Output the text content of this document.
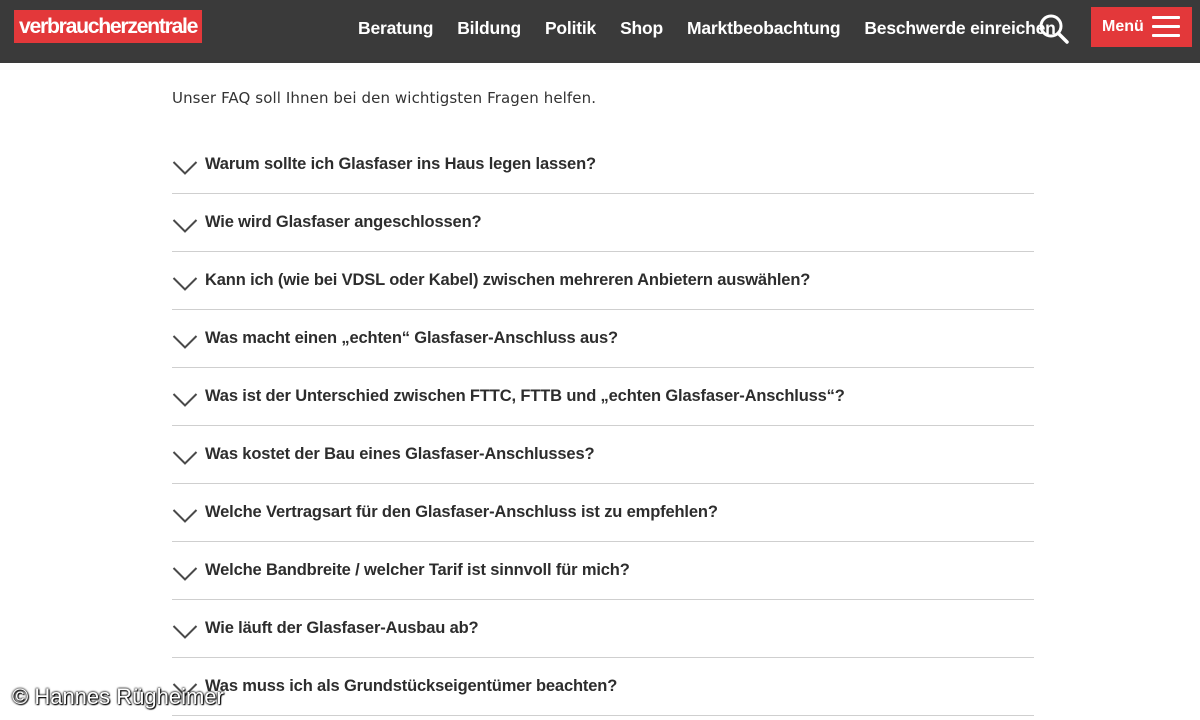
verbraucherzentrale	Beratung Bildung Politik Shop Marktbeobachtung Beschwerde einreichen	Menü

Unser FAQ soll Ihnen bei den wichtigsten Fragen helfen.

Warum sollte ich Glasfaser ins Haus legen lassen?
Wie wird Glasfaser angeschlossen?
Kann ich (wie bei VDSL oder Kabel) zwischen mehreren Anbietern auswählen?
Was macht einen „echten“ Glasfaser-Anschluss aus?
Was ist der Unterschied zwischen FTTC, FTTB und „echten Glasfaser-Anschluss“?
Was kostet der Bau eines Glasfaser-Anschlusses?
Welche Vertragsart für den Glasfaser-Anschluss ist zu empfehlen?
Welche Bandbreite / welcher Tarif ist sinnvoll für mich?
Wie läuft der Glasfaser-Ausbau ab?
Was muss ich als Grundstückseigentümer beachten?
© Hannes Rügheimer
